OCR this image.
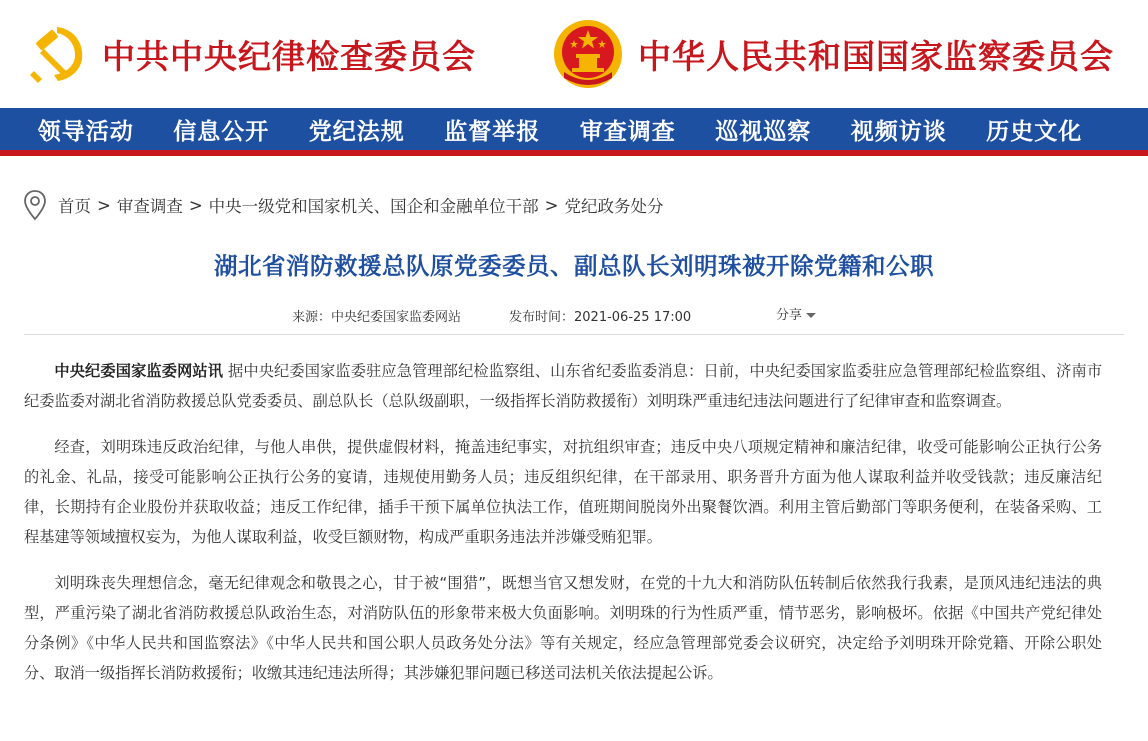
中共中央纪律检查委员会	中华人民共和国国家监察委员会
领导活动	信息公开	党纪法规	监督举报	审查调查	巡视巡察	视频访谈	历史文化
首页 > 审查调查 > 中央一级党和国家机关、国企和金融单位干部 > 党纪政务处分
湖北省消防救援总队原党委委员、副总队长刘明珠被开除党籍和公职
来源：中央纪委国家监委网站	发布时间：2021-06-25 17:00	分享

中央纪委国家监委网站讯 据中央纪委国家监委驻应急管理部纪检监察组、山东省纪委监委消息：日前，中央纪委国家监委驻应急管理部纪检监察组、济南市纪委监委对湖北省消防救援总队党委委员、副总队长（总队级副职，一级指挥长消防救援衔）刘明珠严重违纪违法问题进行了纪律审查和监察调查。

经查，刘明珠违反政治纪律，与他人串供，提供虚假材料，掩盖违纪事实，对抗组织审查；违反中央八项规定精神和廉洁纪律，收受可能影响公正执行公务的礼金、礼品，接受可能影响公正执行公务的宴请，违规使用勤务人员；违反组织纪律，在干部录用、职务晋升方面为他人谋取利益并收受钱款；违反廉洁纪律，长期持有企业股份并获取收益；违反工作纪律，插手干预下属单位执法工作，值班期间脱岗外出聚餐饮酒。利用主管后勤部门等职务便利，在装备采购、工程基建等领域擅权妄为，为他人谋取利益，收受巨额财物，构成严重职务违法并涉嫌受贿犯罪。

刘明珠丧失理想信念，毫无纪律观念和敬畏之心，甘于被“围猎”，既想当官又想发财，在党的十九大和消防队伍转制后依然我行我素，是顶风违纪违法的典型，严重污染了湖北省消防救援总队政治生态，对消防队伍的形象带来极大负面影响。刘明珠的行为性质严重，情节恶劣，影响极坏。依据《中国共产党纪律处分条例》《中华人民共和国监察法》《中华人民共和国公职人员政务处分法》等有关规定，经应急管理部党委会议研究，决定给予刘明珠开除党籍、开除公职处分、取消一级指挥长消防救援衔；收缴其违纪违法所得；其涉嫌犯罪问题已移送司法机关依法提起公诉。
